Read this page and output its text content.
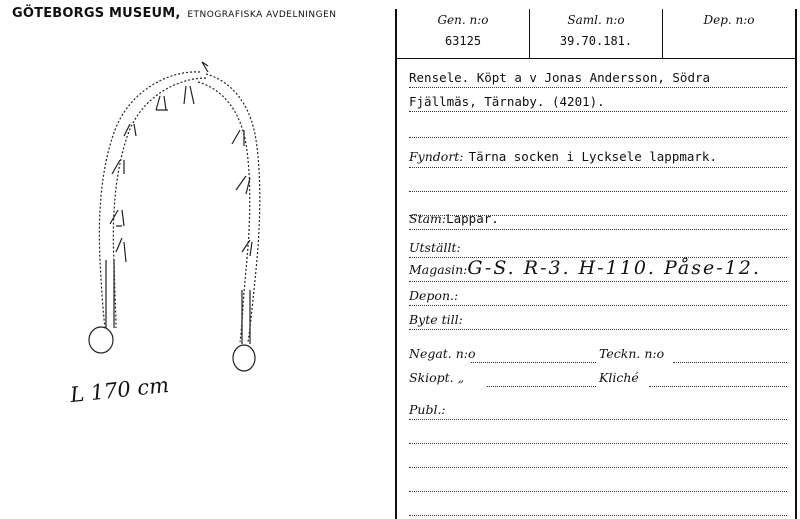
GÖTEBORGS MUSEUM, ETNOGRAFISKA AVDELNINGEN
L 170 cm
Gen. n:o
63125
Saml. n:o
39.70.181.
Dep. n:o
Rensele. Köpt a v Jonas Andersson, Södra
Fjällmäs, Tärnaby. (4201).
Fyndort: Tärna socken i Lycksele lappmark.
Stam:Lappar.
Utställt:
Magasin:G-S. R-3. H-110. Påse-12.
Depon.:
Byte till:
Negat. n:o	Teckn. n:o
Skiopt. „	Kliché
Publ.:
